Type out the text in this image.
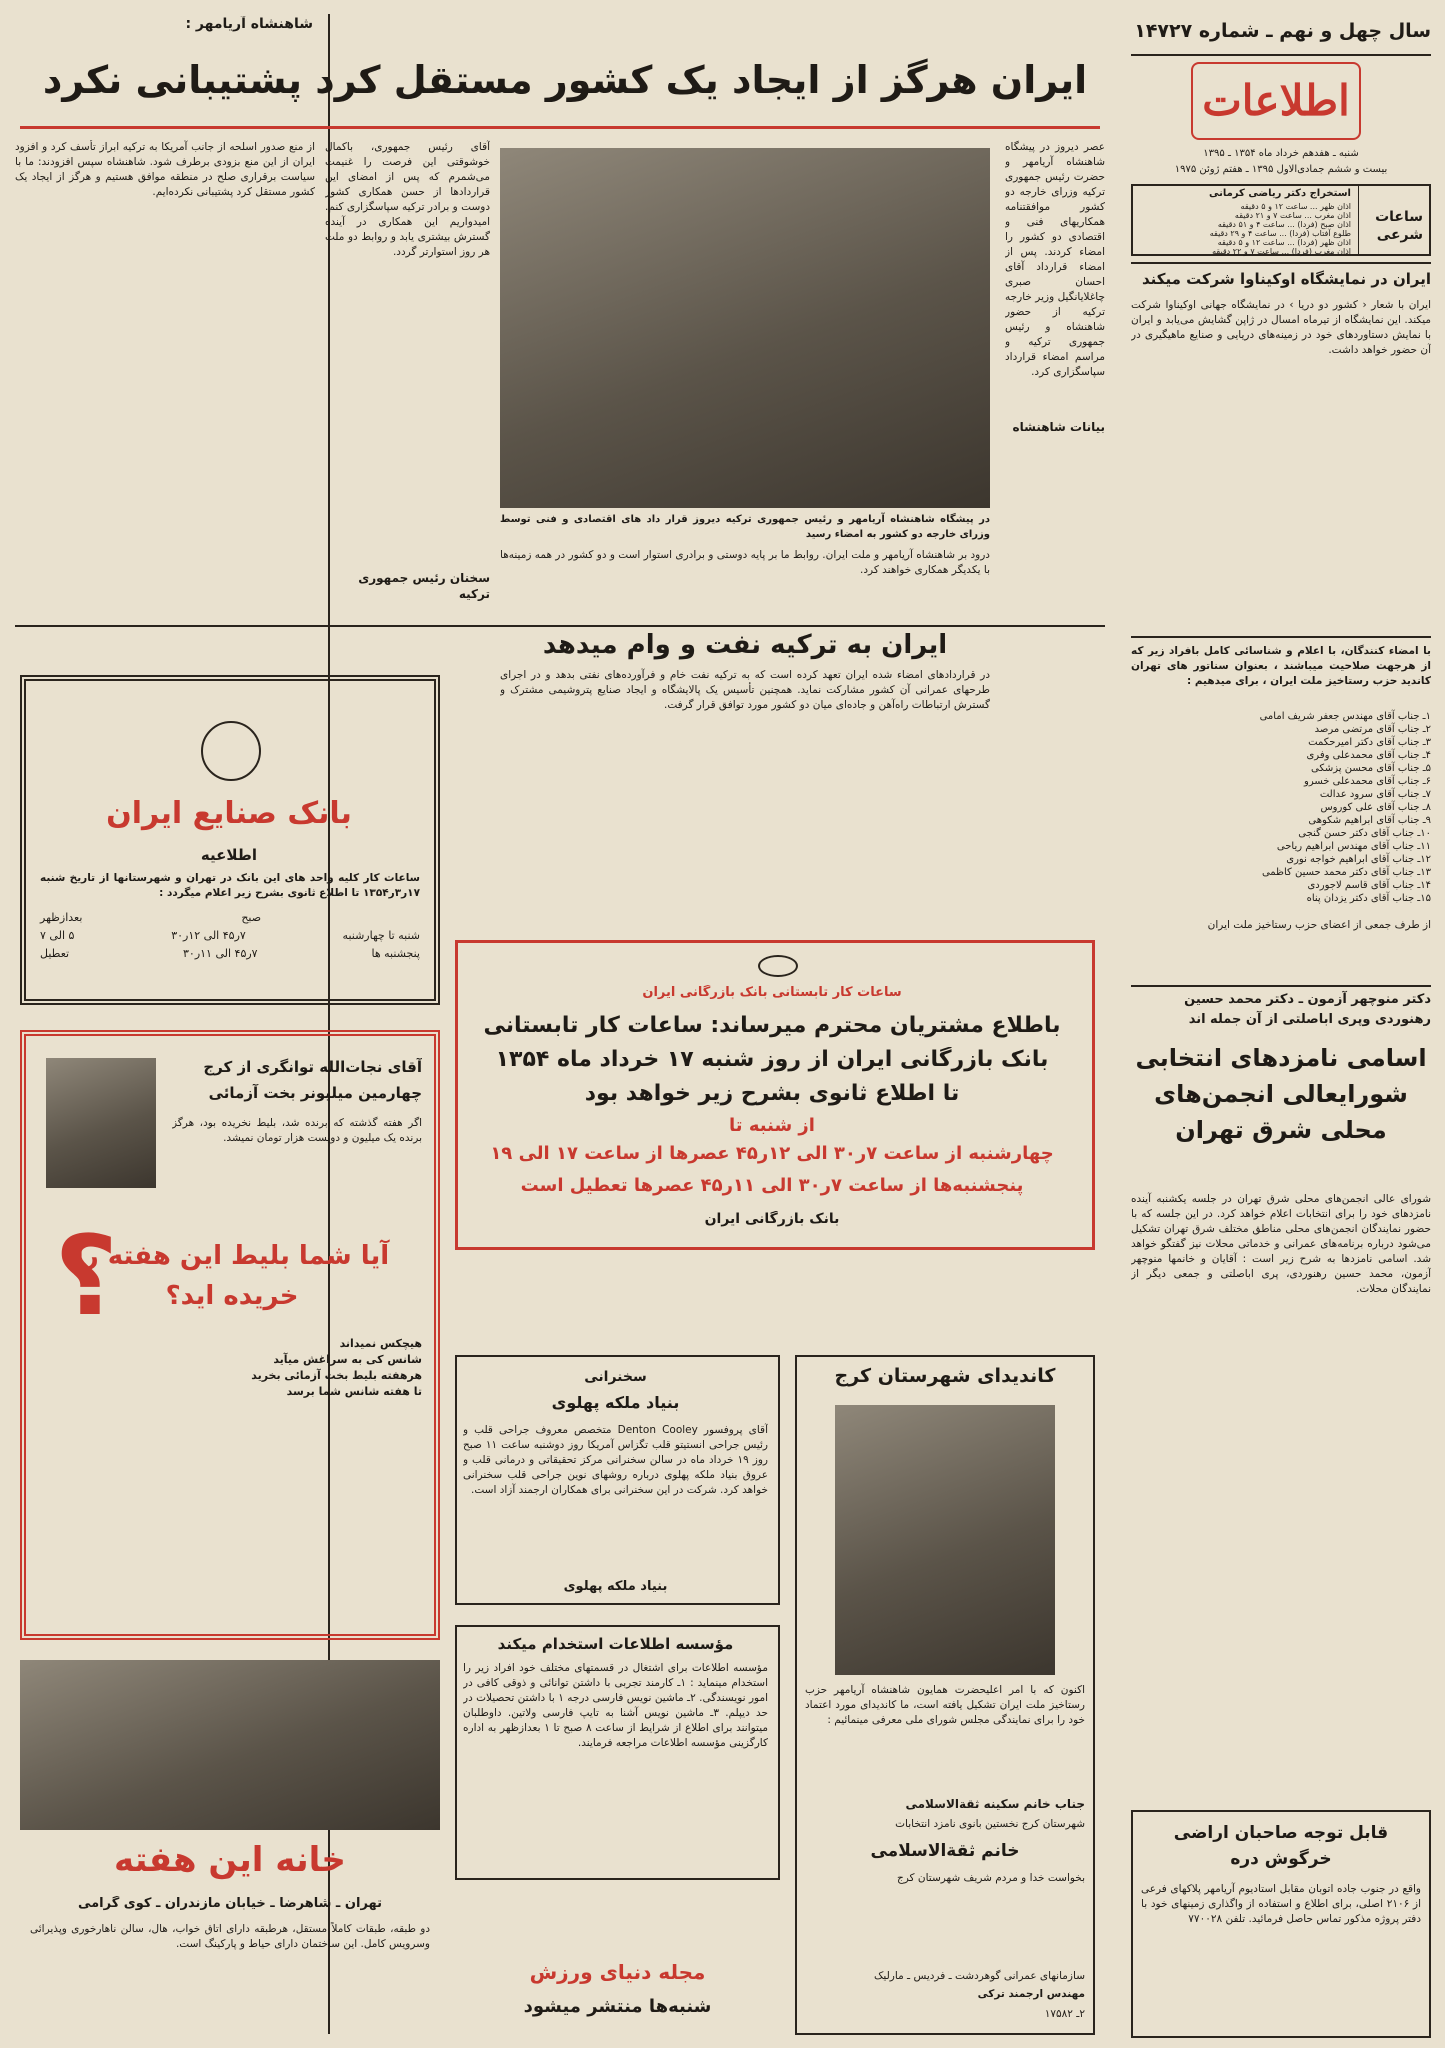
سال چهل و نهم ـ شماره ۱۴۷۲۷
اطلاعات
شنبه ـ هفدهم خرداد ماه ۱۳۵۴ ـ ۱۳۹۵
بیست و ششم جمادی‌الاول ۱۳۹۵ ـ هفتم ژوئن ۱۹۷۵
ساعات شرعی
استخراج دکتر ریاضی کرمانی
اذان ظهر ... ساعت ۱۲ و ۵ دقیقه
اذان مغرب ... ساعت ۷ و ۲۱ دقیقه
اذان صبح (فردا) ... ساعت ۴ و ۵۱ دقیقه
طلوع آفتاب (فردا) ... ساعت ۴ و ۲۹ دقیقه
اذان ظهر (فردا) ... ساعت ۱۲ و ۵ دقیقه
اذان مغرب (فردا) ... ساعت ۷ و ۲۲ دقیقه
شاهنشاه آریامهر :
ایران هرگز از ایجاد یک کشور مستقل کرد پشتیبانی نکرد
عصر دیروز در پیشگاه شاهنشاه آریامهر و حضرت رئیس جمهوری ترکیه وزرای خارجه دو کشور موافقتنامه همکاریهای فنی و اقتصادی دو کشور را امضاء کردند. پس از امضاء قرارداد آقای احسان صبری چاغلایانگیل وزیر خارجه ترکیه از حضور شاهنشاه و رئیس جمهوری ترکیه و مراسم امضاء قرارداد سپاسگزاری کرد.
در پیشگاه شاهنشاه آریامهر و رئیس جمهوری ترکیه دیروز قرار داد های اقتصادی و فنی توسط وزرای خارجه دو کشور به امضاء رسید
آقای رئیس جمهوری، باکمال خوشوقتی این فرصت را غنیمت می‌شمرم که پس از امضای این قراردادها از حسن همکاری کشور دوست و برادر ترکیه سپاسگزاری کنم. امیدواریم این همکاری در آینده گسترش بیشتری یابد و روابط دو ملت هر روز استوارتر گردد.
بیانات شاهنشاه
از منع صدور اسلحه از جانب آمریکا به ترکیه ابراز تأسف کرد و افزود ایران از این منع بزودی برطرف شود. شاهنشاه سپس افزودند: ما با سیاست برقراری صلح در منطقه موافق هستیم و هرگز از ایجاد یک کشور مستقل کرد پشتیبانی نکرده‌ایم.
سخنان رئیس جمهوری ترکیه
درود بر شاهنشاه آریامهر و ملت ایران. روابط ما بر پایه دوستی و برادری استوار است و دو کشور در همه زمینه‌ها با یکدیگر همکاری خواهند کرد.
ایران به ترکیه نفت و وام میدهد
در قراردادهای امضاء شده ایران تعهد کرده است که به ترکیه نفت خام و فرآورده‌های نفتی بدهد و در اجرای طرحهای عمرانی آن کشور مشارکت نماید. همچنین تأسیس یک پالایشگاه و ایجاد صنایع پتروشیمی مشترک و گسترش ارتباطات راه‌آهن و جاده‌ای میان دو کشور مورد توافق قرار گرفت.
ایران در نمایشگاه اوکیناوا شرکت میکند
ایران با شعار ‹ کشور دو دریا › در نمایشگاه جهانی اوکیناوا شرکت میکند. این نمایشگاه از تیرماه امسال در ژاپن گشایش می‌یابد و ایران با نمایش دستاوردهای خود در زمینه‌های دریایی و صنایع ماهیگیری در آن حضور خواهد داشت.
با امضاء کنندگان، با اعلام و شناسائی کامل بافراد زیر که از هرجهت صلاحیت میباشند ، بعنوان سناتور های تهران کاندید حزب رستاخیز ملت ایران ، برای میدهیم :
۱ـ جناب آقای مهندس جعفر شریف امامی
۲ـ جناب آقای مرتضی مرصد
۳ـ جناب آقای دکتر امیرحکمت
۴ـ جناب آقای محمدعلی وفری
۵ـ جناب آقای محسن پزشکی
۶ـ جناب آقای محمدعلی خسرو
۷ـ جناب آقای سرود عدالت
۸ـ جناب آقای علی کوروس
۹ـ جناب آقای ابراهیم شکوهی
۱۰ـ جناب آقای دکتر حسن گنجی
۱۱ـ جناب آقای مهندس ابراهیم ریاحی
۱۲ـ جناب آقای ابراهیم خواجه نوری
۱۳ـ جناب آقای دکتر محمد حسین کاظمی
۱۴ـ جناب آقای قاسم لاجوردی
۱۵ـ جناب آقای دکتر یزدان پناه
از طرف جمعی از اعضای حزب رستاخیز ملت ایران
دکتر منوچهر آزمون ـ دکتر محمد حسین رهنوردی وپری اباصلتی از آن جمله اند
اسامی نامزدهای انتخابی شورایعالی انجمن‌های محلی شرق تهران
شورای عالی انجمن‌های محلی شرق تهران در جلسه یکشنبه آینده نامزدهای خود را برای انتخابات اعلام خواهد کرد. در این جلسه که با حضور نمایندگان انجمن‌های محلی مناطق مختلف شرق تهران تشکیل می‌شود درباره برنامه‌های عمرانی و خدماتی محلات نیز گفتگو خواهد شد. اسامی نامزدها به شرح زیر است : آقایان و خانمها منوچهر آزمون، محمد حسین رهنوردی، پری اباصلتی و جمعی دیگر از نمایندگان محلات.
قابل توجه صاحبان اراضی خرگوش دره
واقع در جنوب جاده اتوبان مقابل استادیوم آریامهر پلاکهای فرعی از ۲۱۰۶ اصلی، برای اطلاع و استفاده از واگذاری زمینهای خود با دفتر پروژه مذکور تماس حاصل فرمائید. تلفن ۷۷۰۰۲۸
بانک صنایع ایران
اطلاعیه
ساعات کار کلیه واحد های این بانک در تهران و شهرستانها از تاریخ شنبه ۱۷ر۳ر۱۳۵۴ تا اطلاع ثانوی بشرح زیر اعلام میگردد :
صبح
بعدازظهر
شنبه تا چهارشنبه
۷ر۴۵ الی ۱۲ر۳۰
۵ الی ۷
پنجشنبه ها
۷ر۴۵ الی ۱۱ر۳۰
تعطیل
آقای نجات‌الله توانگری از کرج
چهارمین میلیونر بخت آزمائی
اگر هفته گذشته که برنده شد، بلیط نخریده بود، هرگز برنده یک میلیون و دویست هزار تومان نمیشد.
آیا شما بلیط این هفته را خریده اید؟
؟
هیچکس نمیداند
شانس کی به سراغش میآید
هرهفته بلیط بخت آزمائی بخرید
تا هفته شانس شما برسد
خانه این هفته
تهران ـ شاهرضا ـ خیابان مازندران ـ کوی گرامی
دو طبقه، طبقات کاملاً مستقل، هرطبقه دارای اتاق خواب، هال، سالن ناهارخوری وپذیرائی وسرویس کامل. این ساختمان دارای حیاط و پارکینگ است.
ساعات کار تابستانی بانک بازرگانی ایران
باطلاع مشتریان محترم میرساند: ساعات کار تابستانی
بانک بازرگانی ایران از روز شنبه ۱۷ خرداد ماه ۱۳۵۴
تا اطلاع ثانوی بشرح زیر خواهد بود
از شنبه تا
چهارشنبه از ساعت ۷ر۳۰ الی ۱۲ر۴۵ عصرها از ساعت ۱۷ الی ۱۹
پنجشنبه‌ها از ساعت ۷ر۳۰ الی ۱۱ر۴۵ عصرها تعطیل است
بانک بازرگانی ایران
سخنرانی
بنیاد ملکه پهلوی
آقای پروفسور Denton Cooley متخصص معروف جراحی قلب و رئیس جراحی انستیتو قلب تگزاس آمریکا روز دوشنبه ساعت ۱۱ صبح روز ۱۹ خرداد ماه در سالن سخنرانی مرکز تحقیقاتی و درمانی قلب و عروق بنیاد ملکه پهلوی درباره روشهای نوین جراحی قلب سخنرانی خواهد کرد. شرکت در این سخنرانی برای همکاران ارجمند آزاد است.
بنیاد ملکه پهلوی
مؤسسه اطلاعات استخدام میکند
مؤسسه اطلاعات برای اشتغال در قسمتهای مختلف خود افراد زیر را استخدام مینماید : ۱ـ کارمند تجربی با داشتن توانائی و ذوقی کافی در امور نویسندگی. ۲ـ ماشین نویس فارسی درجه ۱ با داشتن تحصیلات در حد دیپلم. ۳ـ ماشین نویس آشنا به تایپ فارسی ولاتین. داوطلبان میتوانند برای اطلاع از شرایط از ساعت ۸ صبح تا ۱ بعدازظهر به اداره کارگزینی مؤسسه اطلاعات مراجعه فرمایند.
مجله دنیای ورزش
شنبه‌ها منتشر میشود
کاندیدای شهرستان کرج
اکنون که با امر اعلیحضرت همایون شاهنشاه آریامهر حزب رستاخیز ملت ایران تشکیل یافته است، ما کاندیدای مورد اعتماد خود را برای نمایندگی مجلس شورای ملی معرفی مینمائیم :
جناب خانم سکینه ثقةالاسلامی
شهرستان کرج نخستین بانوی نامزد انتخابات
خانم ثقةالاسلامی
بخواست خدا و مردم شریف شهرستان کرج
سازمانهای عمرانی گوهردشت ـ فردیس ـ مارلیک
مهندس ارجمند ترکی
۲ـ ۱۷۵۸۲
